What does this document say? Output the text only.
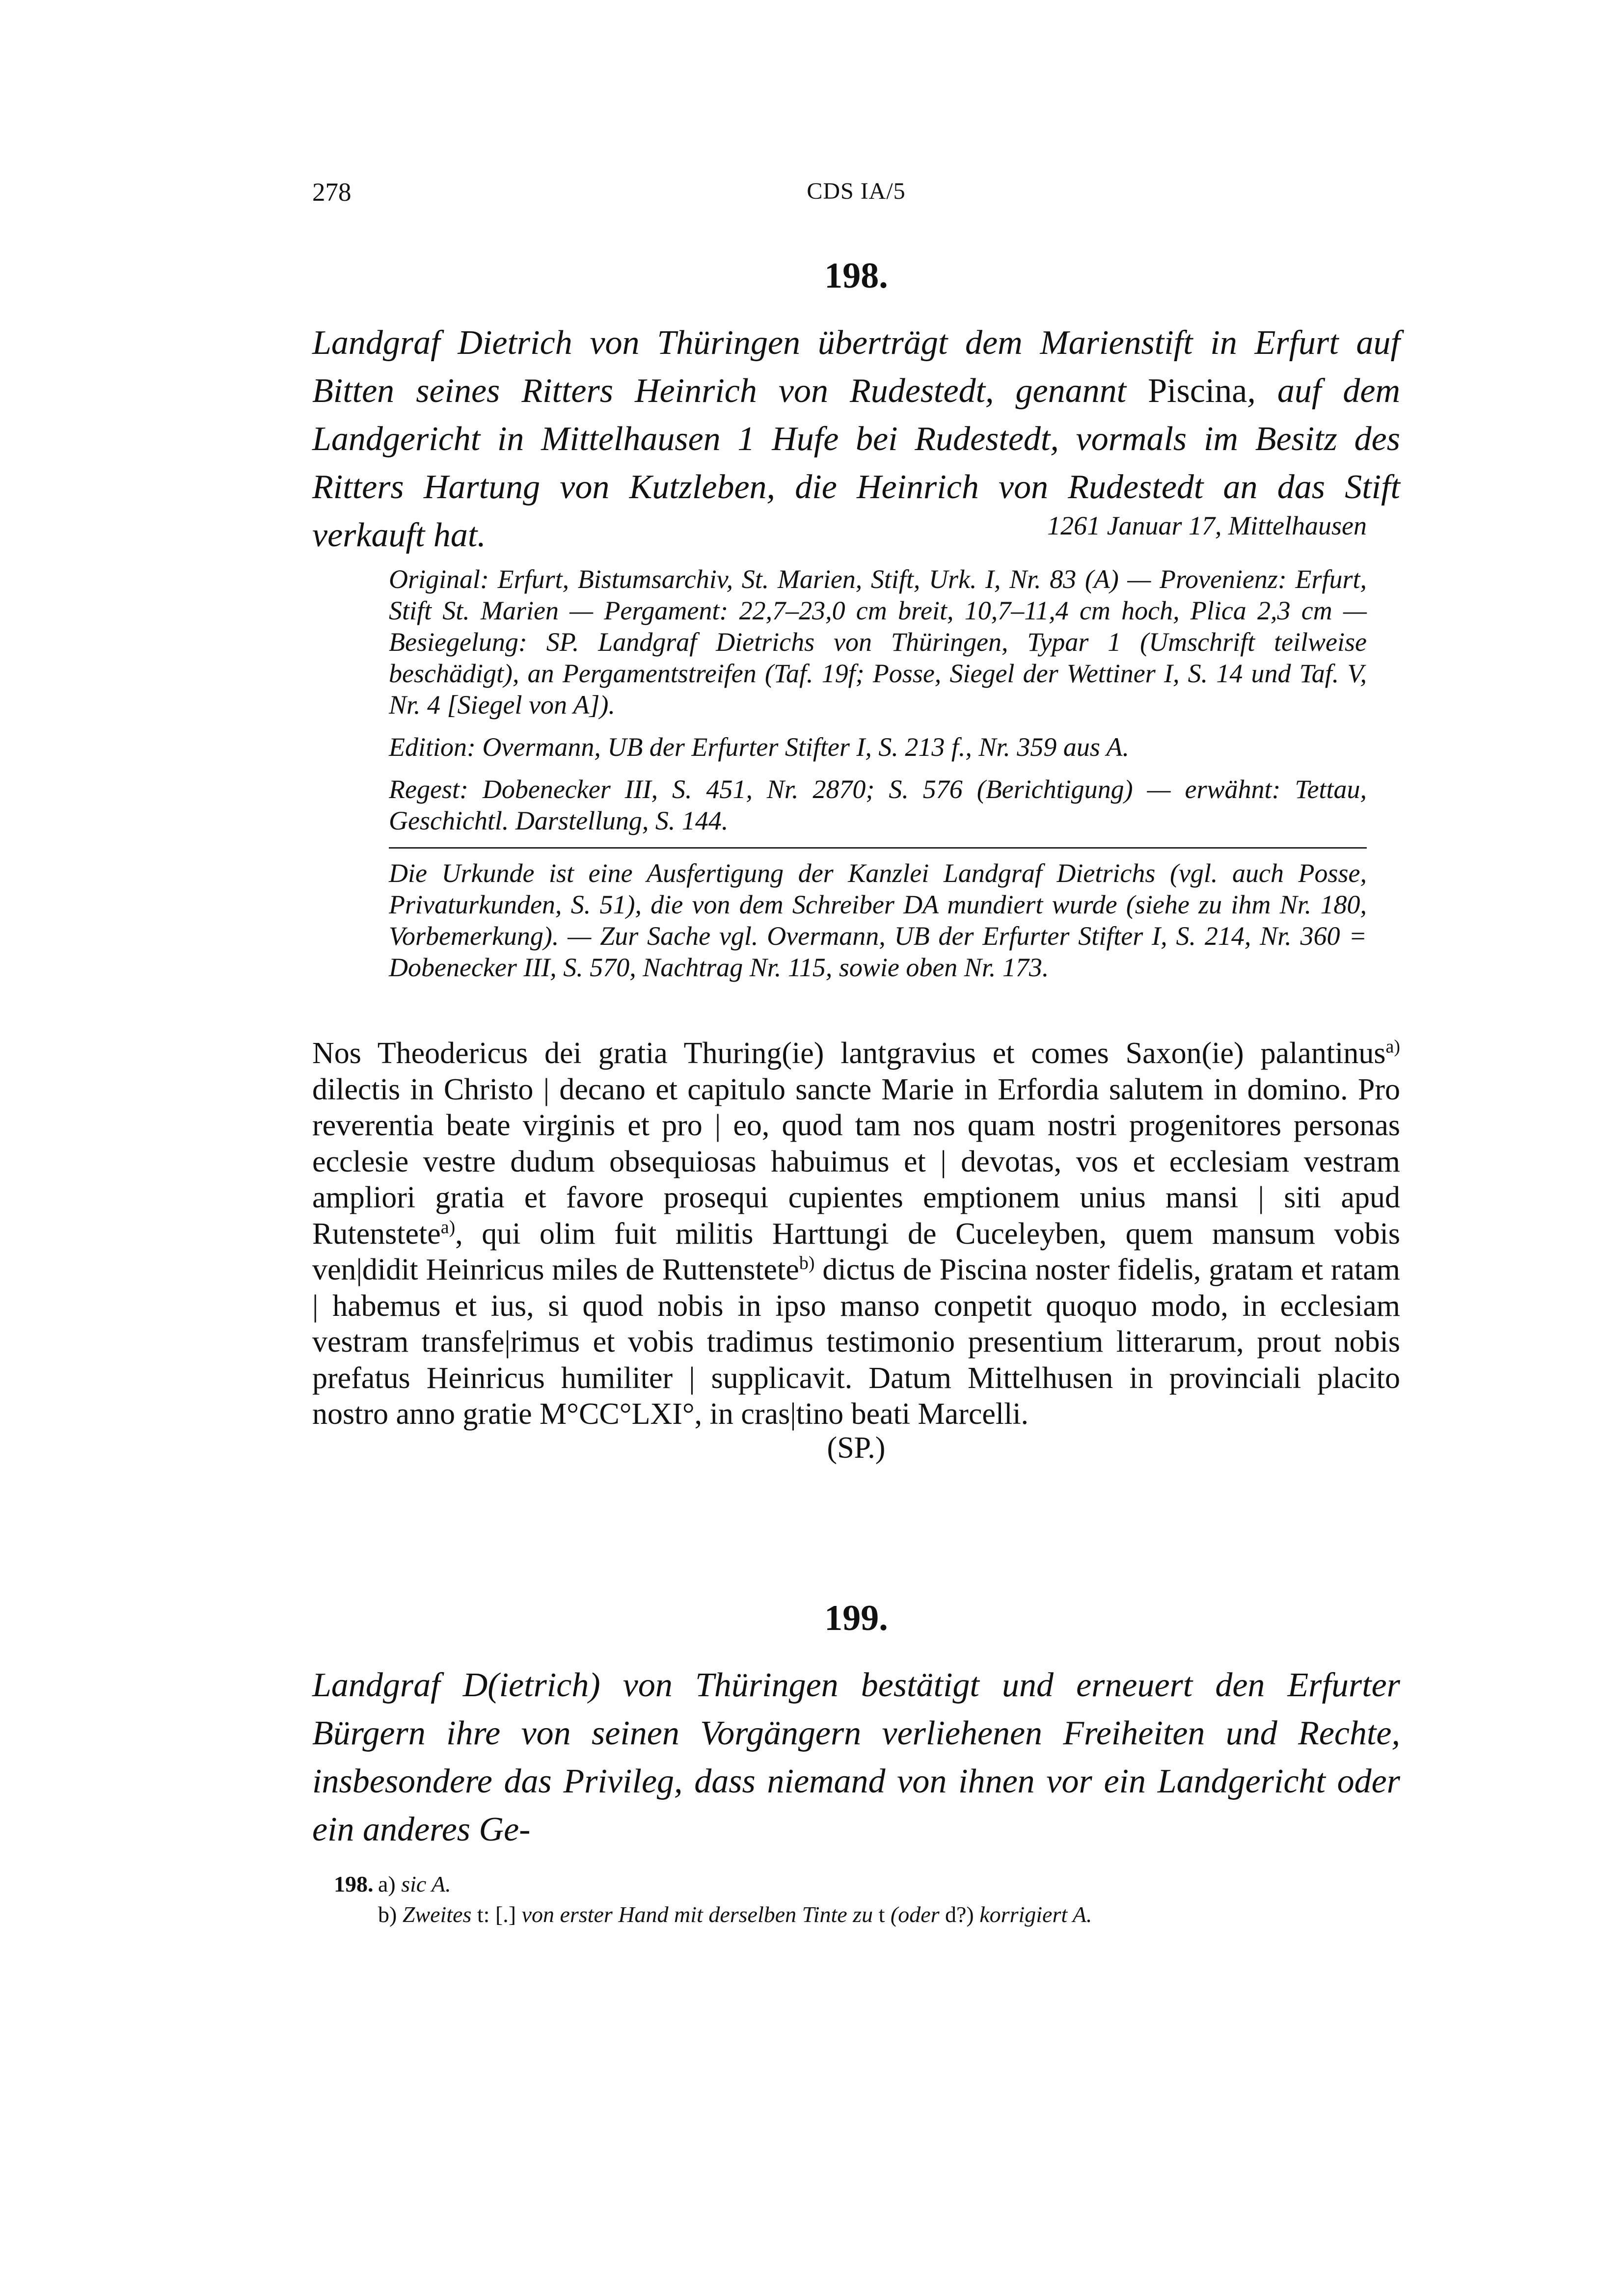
278	CDS IA/5
198.

Landgraf Dietrich von Thüringen überträgt dem Marienstift in Erfurt auf Bitten seines Ritters Heinrich von Rudestedt, genannt Piscina, auf dem Landgericht in Mittelhausen 1 Hufe bei Rudestedt, vormals im Besitz des Ritters Hartung von Kutzleben, die Heinrich von Rudestedt an das Stift verkauft hat.	1261 Januar 17, Mittelhausen

Original: Erfurt, Bistumsarchiv, St. Marien, Stift, Urk. I, Nr. 83 (A) — Provenienz: Erfurt, Stift St. Marien — Pergament: 22,7–23,0 cm breit, 10,7–11,4 cm hoch, Plica 2,3 cm — Besiegelung: SP. Landgraf Dietrichs von Thüringen, Typar 1 (Umschrift teilweise beschädigt), an Pergamentstreifen (Taf. 19f; Posse, Siegel der Wettiner I, S. 14 und Taf. V, Nr. 4 [Siegel von A]).

Edition: Overmann, UB der Erfurter Stifter I, S. 213 f., Nr. 359 aus A.

Regest: Dobenecker III, S. 451, Nr. 2870; S. 576 (Berichtigung) — erwähnt: Tettau, Geschichtl. Darstellung, S. 144.

Die Urkunde ist eine Ausfertigung der Kanzlei Landgraf Dietrichs (vgl. auch Posse, Privaturkunden, S. 51), die von dem Schreiber DA mundiert wurde (siehe zu ihm Nr. 180, Vorbemerkung). — Zur Sache vgl. Overmann, UB der Erfurter Stifter I, S. 214, Nr. 360 = Dobenecker III, S. 570, Nachtrag Nr. 115, sowie oben Nr. 173.

Nos Theodericus dei gratia Thuring(ie) lantgravius et comes Saxon(ie) palantinus$^{a)}$ dilectis in Christo | decano et capitulo sancte Marie in Erfordia salutem in domino. Pro reverentia beate virginis et pro | eo, quod tam nos quam nostri progenitores personas ecclesie vestre dudum obsequiosas habuimus et | devotas, vos et ecclesiam vestram ampliori gratia et favore prosequi cupientes emptionem unius mansi | siti apud Rutenstete$^{a)}$, qui olim fuit militis Harttungi de Cuceleyben, quem mansum vobis ven|didit Heinricus miles de Ruttenstete$^{b)}$ dictus de Piscina noster fidelis, gratam et ratam | habemus et ius, si quod nobis in ipso manso conpetit quoquo modo, in ecclesiam vestram transfe|rimus et vobis tradimus testimonio presentium litterarum, prout nobis prefatus Heinricus humiliter | supplicavit. Datum Mittelhusen in provinciali placito nostro anno gratie M°CC°LXI°, in cras|tino beati Marcelli.

(SP.)
199.

Landgraf D(ietrich) von Thüringen bestätigt und erneuert den Erfurter Bürgern ihre von seinen Vorgängern verliehenen Freiheiten und Rechte, insbesondere das Privileg, dass niemand von ihnen vor ein Landgericht oder ein anderes Ge-

198. a) sic A.
b) Zweites t: [.] von erster Hand mit derselben Tinte zu t (oder d?) korrigiert A.
